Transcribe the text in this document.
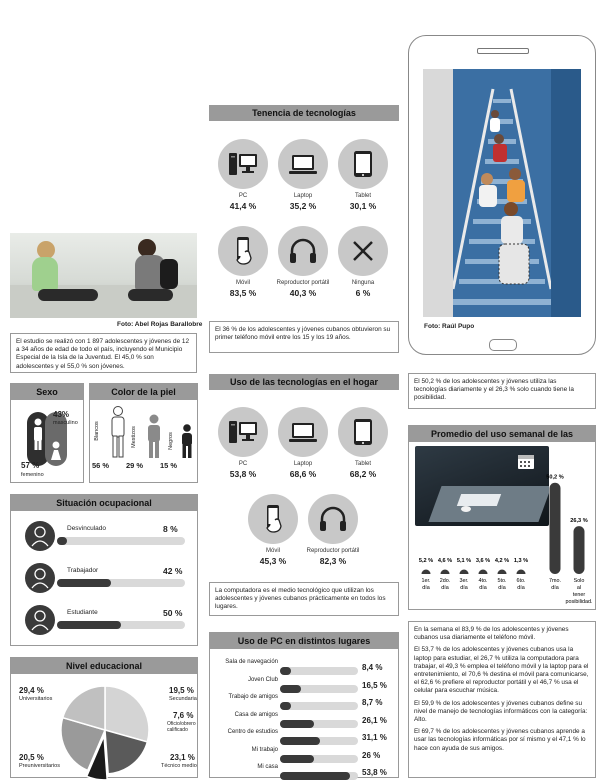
Foto: Abel Rojas Barallobre
El estudio se realizó con 1 897 adolescentes y jóvenes de 12 a 34 años de edad de todo el país, incluyendo el Municipio Especial de la Isla de la Juventud. El 45,0 % son adolescentes y el 55,0 % son jóvenes.
Sexo
43%
masculino
57 %
femenino
Color de la piel
Blancos	Mestizos	Negros
56 % 29 % 15 %
Situación ocupacional
Desvinculado	8 %
Trabajador	42 %
Estudiante	50 %
Nivel educacional
29,4 %
Universitarios
19,5 %
Secundaria
7,6 %
Oficio/obrero calificado
23,1 %
Técnico medio
20,5 %
Preuniversitarios
Tenencia de tecnologías
PC
41,4 %
Laptop
35,2 %
Tablet
30,1 %
Móvil
83,5 %
Reproductor portátil
40,3 %
Ninguna
6 %
El 36 % de los adolescentes y jóvenes cubanos obtuvieron su primer teléfono móvil entre los 15 y los 19 años.
Uso de las tecnologías en el hogar
PC
53,8 %
Laptop
68,6 %
Tablet
68,2 %
Móvil
45,3 %
Reproductor portátil
82,3 %
La computadora es el medio tecnológico que utilizan los adolescentes y jóvenes cubanos prácticamente en todos los lugares.
Uso de PC en distintos lugares
Sala de navegación
8,4 %
Joven Club
16,5 %
Trabajo de amigos
8,7 %
Casa de amigos
26,1 %
Centro de estudios
31,1 %
Mi trabajo
26 %
Mi casa
53,8 %
Foto: Raúl Pupo
El 50,2 % de los adolescentes y jóvenes utiliza las tecnologías diariamente y el 26,3 % solo cuando tiene la posibilidad.
Promedio del uso semanal de las
5,2 %
1er.
día
4,6 %
2do.
día
5,1 %
3er.
día
3,6 %
4to.
día
4,2 %
5to.
día
1,3 %
6to.
día
50,2 %
7mo.
día
26,3 %
Solo
al
tener
posibilidad.
En la semana el 83,9 % de los adolescentes y jóvenes cubanos usa diariamente el teléfono móvil.
El 53,7 % de los adolescentes y jóvenes cubanos usa la laptop para estudiar, el 26,7 % utiliza la computadora para trabajar, el 49,3 % emplea el teléfono móvil y la laptop para el entretenimiento, el 70,6 % destina el móvil para comunicarse, el 62,6 % prefiere el reproductor portátil y el 46,7 % usa el celular para escuchar música.
El 59,9 % de los adolescentes y jóvenes cubanos define su nivel de manejo de tecnologías informáticos con la categoría: Alto.
El 69,7 % de los adolescentes y jóvenes cubanos aprende a usar las tecnologías informáticas por sí mismo y el 47,1 % lo hace con ayuda de sus amigos.
